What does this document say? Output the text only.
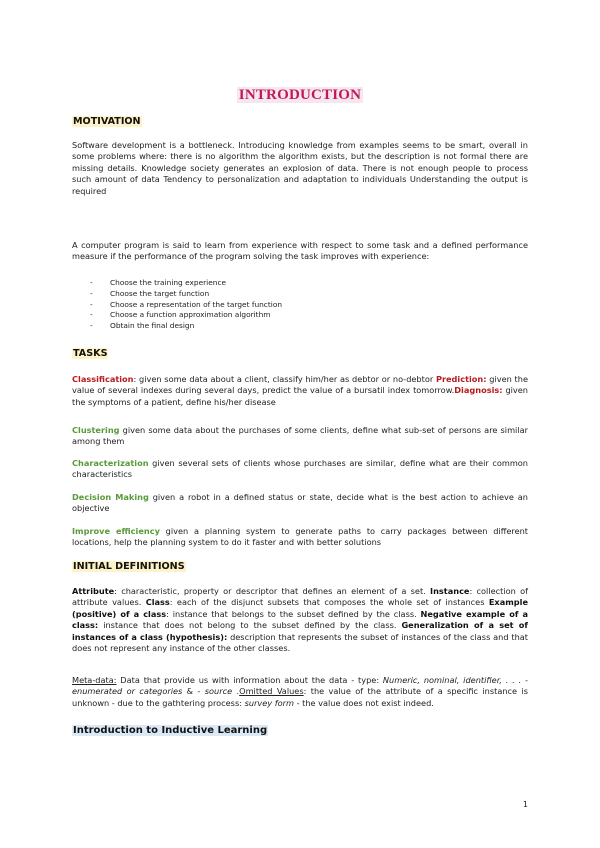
INTRODUCTION
MOTIVATION
Software development is a bottleneck. Introducing knowledge from examples seems to be smart, overall in some problems where: there is no algorithm the algorithm exists, but the description is not formal there are missing details. Knowledge society generates an explosion of data. There is not enough people to process such amount of data Tendency to personalization and adaptation to individuals Understanding the output is required
A computer program is said to learn from experience with respect to some task and a defined performance measure if the performance of the program solving the task improves with experience:
- Choose the training experience
- Choose the target function
- Choose a representation of the target function
- Choose a function approximation algorithm
- Obtain the final design
TASKS
Classification: given some data about a client, classify him/her as debtor or no-debtor Prediction: given the value of several indexes during several days, predict the value of a bursatil index tomorrow.Diagnosis: given the symptoms of a patient, define his/her disease
Clustering given some data about the purchases of some clients, define what sub-set of persons are similar among them
Characterization given several sets of clients whose purchases are similar, define what are their common characteristics
Decision Making given a robot in a defined status or state, decide what is the best action to achieve an objective
Improve efficiency given a planning system to generate paths to carry packages between different locations, help the planning system to do it faster and with better solutions
INITIAL DEFINITIONS
Attribute: characteristic, property or descriptor that defines an element of a set. Instance: collection of attribute values. Class: each of the disjunct subsets that composes the whole set of instances Example (positive) of a class: instance that belongs to the subset defined by the class. Negative example of a class: instance that does not belong to the subset defined by the class. Generalization of a set of instances of a class (hypothesis): description that represents the subset of instances of the class and that does not represent any instance of the other classes.
Meta-data: Data that provide us with information about the data - type: Numeric, nominal, identifier, . . . - enumerated or categories & - source .Omitted Values: the value of the attribute of a specific instance is unknown - due to the gathtering process: survey form - the value does not exist indeed.
Introduction to Inductive Learning
1
